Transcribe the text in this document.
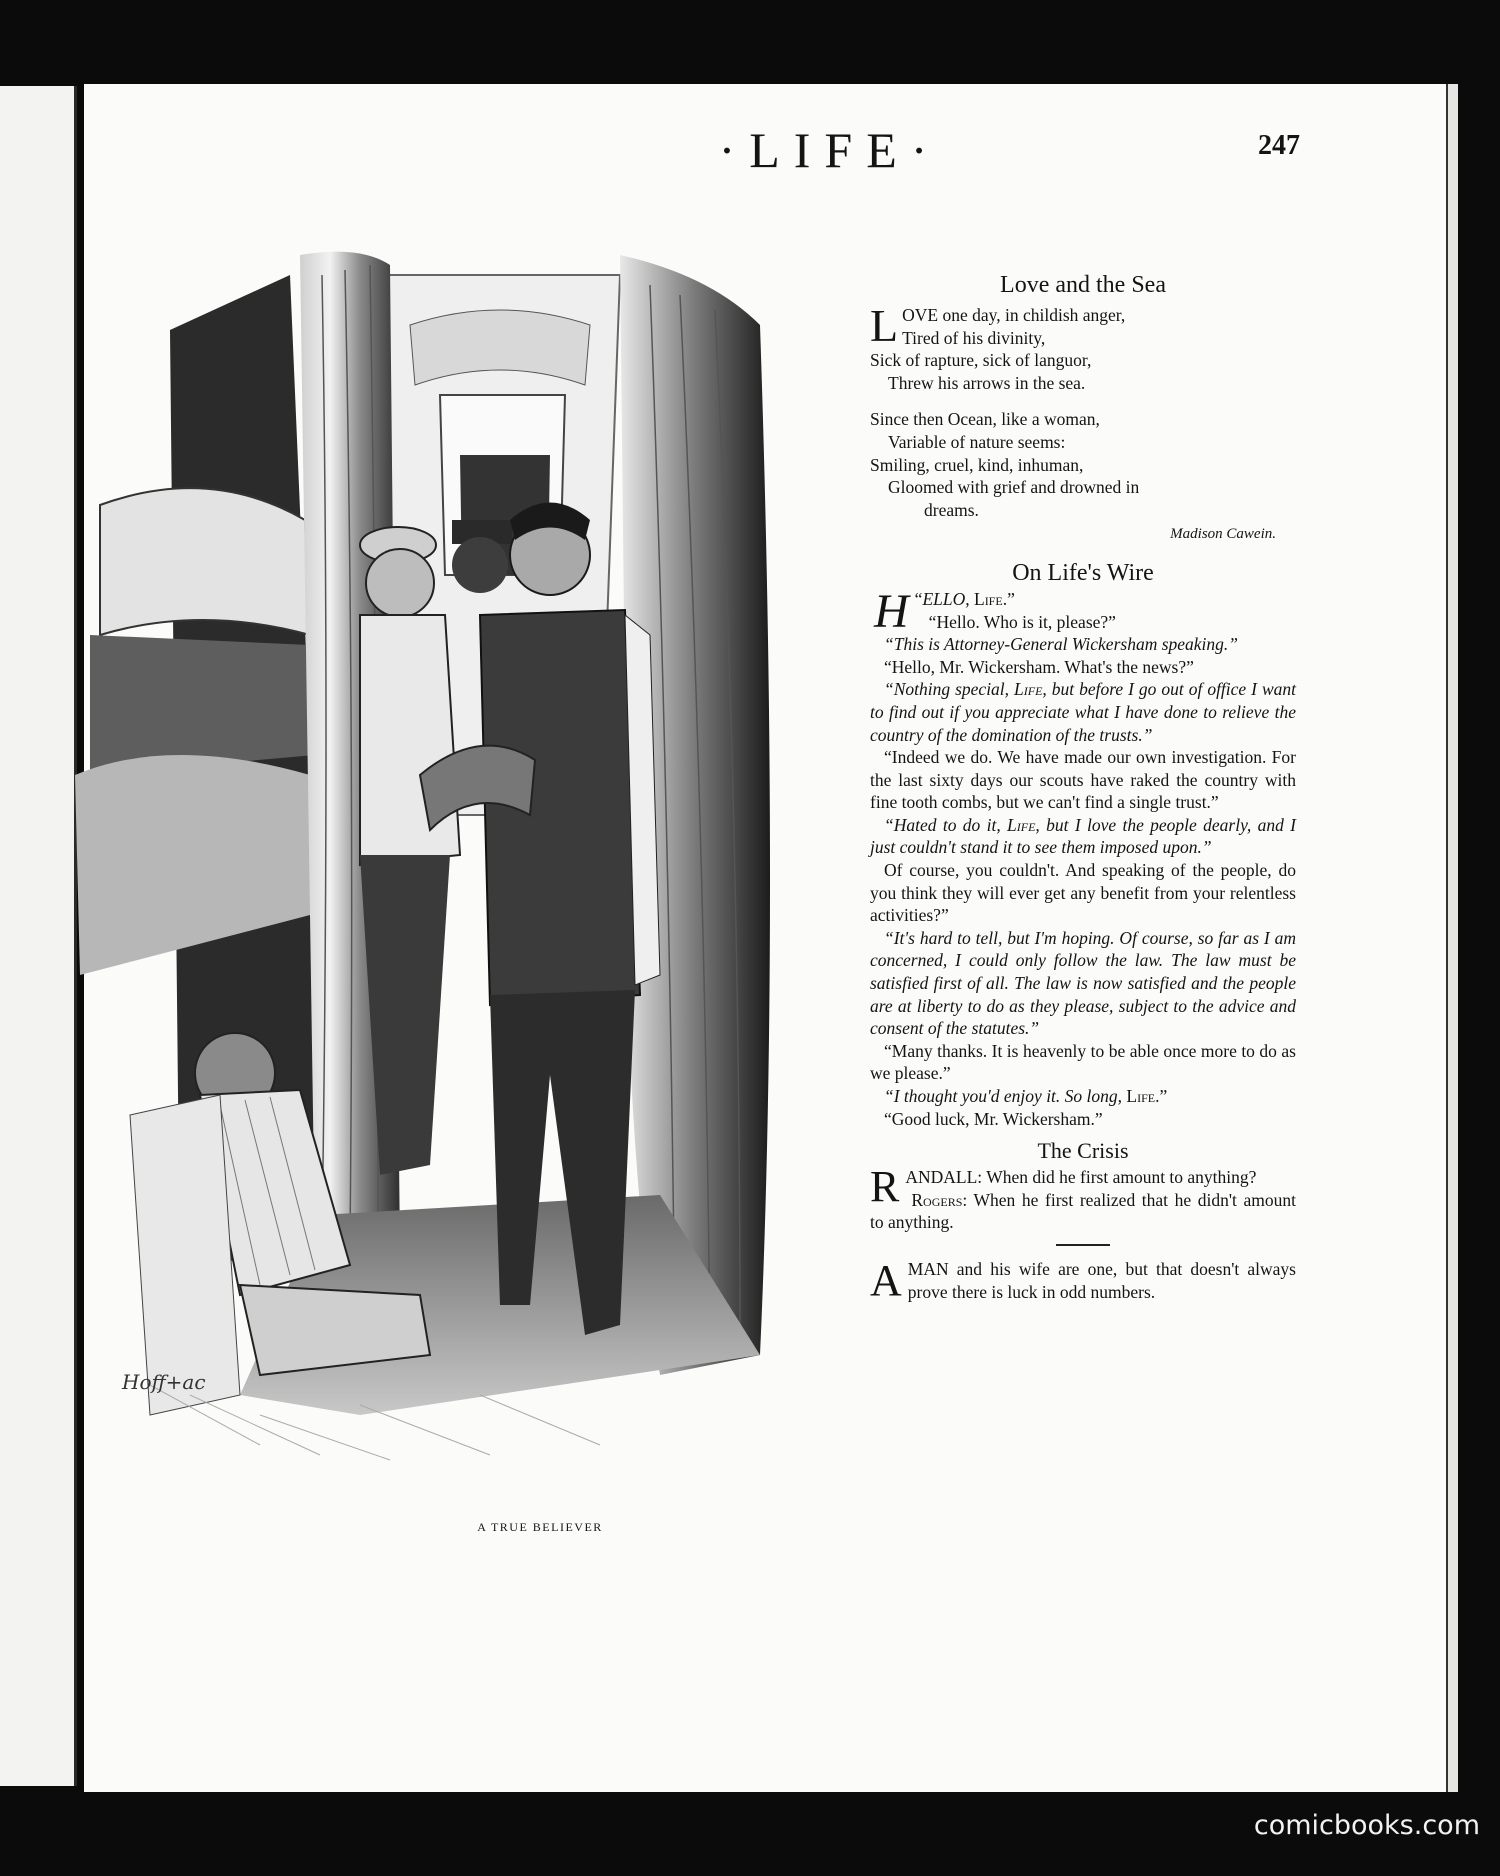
·LIFE·	247
Hoff+ac
A TRUE BELIEVER
Love and the Sea
L OVE one day, in childish anger,
Tired of his divinity,
Sick of rapture, sick of languor,
Threw his arrows in the sea.
Since then Ocean, like a woman,
Variable of nature seems:
Smiling, cruel, kind, inhuman,
Gloomed with grief and drowned in
dreams.
Madison Cawein.
On Life's Wire

“
H ELLO, Life.”
“Hello. Who is it, please?”

“This is Attorney-General Wickersham speaking.”

“Hello, Mr. Wickersham. What's the news?”

“Nothing special, Life, but before I go out of office I want to find out if you appreciate what I have done to relieve the country of the domination of the trusts.”

“Indeed we do. We have made our own investigation. For the last sixty days our scouts have raked the country with fine tooth combs, but we can't find a single trust.”

“Hated to do it, Life, but I love the people dearly, and I just couldn't stand it to see them imposed upon.”

Of course, you couldn't. And speaking of the people, do you think they will ever get any benefit from your relentless activities?”

“It's hard to tell, but I'm hoping. Of course, so far as I am concerned, I could only follow the law. The law must be satisfied first of all. The law is now satisfied and the people are at liberty to do as they please, subject to the advice and consent of the statutes.”

“Many thanks. It is heavenly to be able once more to do as we please.”

“I thought you'd enjoy it. So long, Life.”

“Good luck, Mr. Wickersham.”

The Crisis

RANDALL: When did he first amount to anything?
Rogers: When he first realized that he didn't amount to anything.

AMAN and his wife are one, but that doesn't always prove there is luck in odd numbers.

comicbooks.com
